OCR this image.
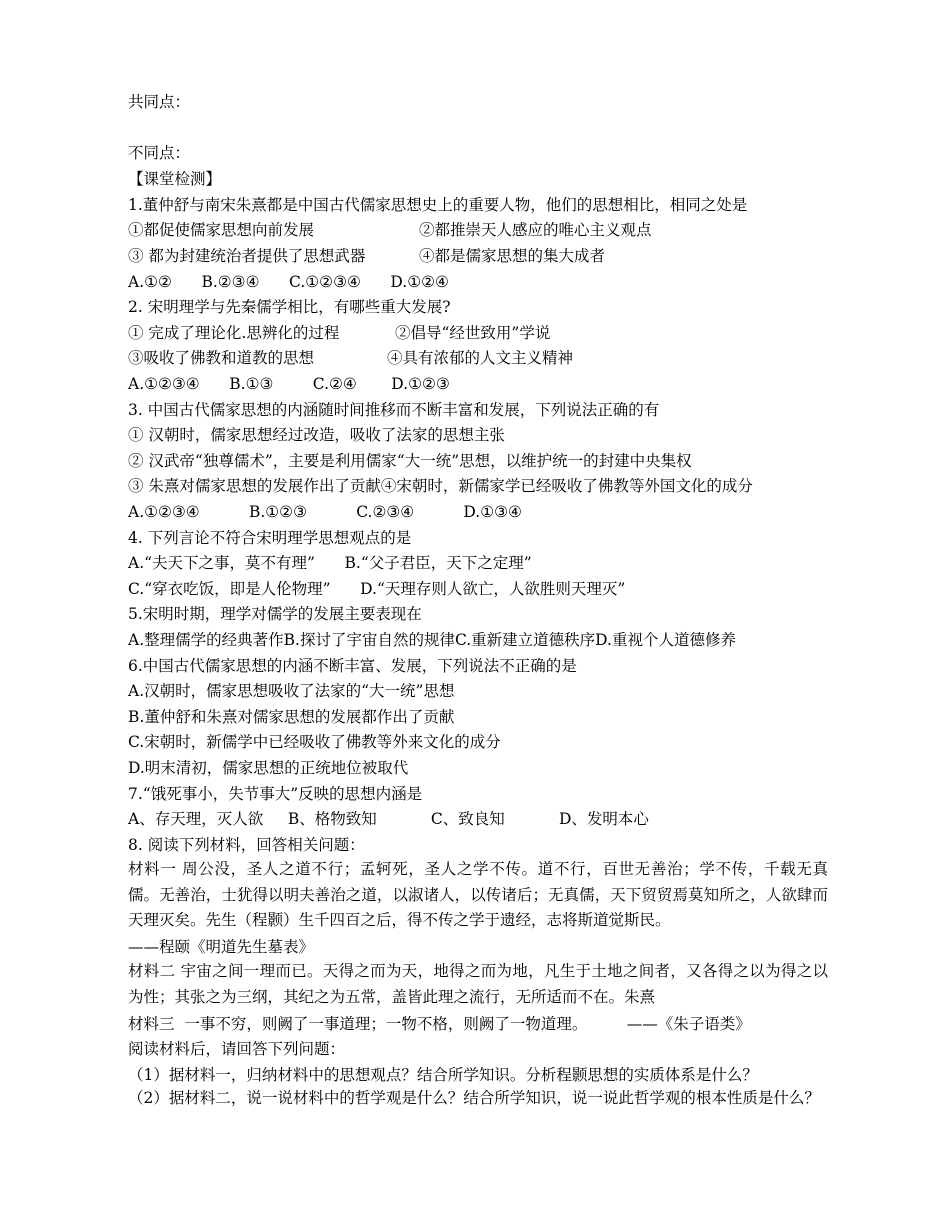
共同点：
不同点：
【课堂检测】
1.董仲舒与南宋朱熹都是中国古代儒家思想史上的重要人物，他们的思想相比，相同之处是
①都促使儒家思想向前发展	②都推崇天人感应的唯心主义观点
③ 都为封建统治者提供了思想武器	④都是儒家思想的集大成者
A.①②      B.②③④      C.①②③④      D.①②④
2. 宋明理学与先秦儒学相比，有哪些重大发展?
① 完成了理论化.思辨化的过程	②倡导“经世致用”学说
③吸收了佛教和道教的思想	④具有浓郁的人文主义精神
A.①②③④      B.①③        C.②④       D.①②③
3. 中国古代儒家思想的内涵随时间推移而不断丰富和发展，下列说法正确的有
① 汉朝时，儒家思想经过改造，吸收了法家的思想主张
② 汉武帝“独尊儒术”，主要是利用儒家“大一统”思想，以维护统一的封建中央集权
③ 朱熹对儒家思想的发展作出了贡献④宋朝时，新儒家学已经吸收了佛教等外国文化的成分
A.①②③④          B.①②③          C.②③④          D.①③④
4. 下列言论不符合宋明理学思想观点的是
A.“夫天下之事，莫不有理”      B.“父子君臣，天下之定理”
C.“穿衣吃饭，即是人伦物理”      D.“天理存则人欲亡，人欲胜则天理灭”
5.宋明时期，理学对儒学的发展主要表现在
A.整理儒学的经典著作B.探讨了宇宙自然的规律C.重新建立道德秩序D.重视个人道德修养
6.中国古代儒家思想的内涵不断丰富、发展，下列说法不正确的是
A.汉朝时，儒家思想吸收了法家的“大一统”思想
B.董仲舒和朱熹对儒家思想的发展都作出了贡献
C.宋朝时，新儒学中已经吸收了佛教等外来文化的成分
D.明末清初，儒家思想的正统地位被取代
7.“饿死事小，失节事大”反映的思想内涵是
A、存天理，灭人欲     B、格物致知           C、致良知           D、发明本心
8. 阅读下列材料，回答相关问题：
材料一 周公没，圣人之道不行；孟轲死，圣人之学不传。道不行，百世无善治；学不传，千载无真儒。无善治，士犹得以明夫善治之道，以淑诸人，以传诸后；无真儒，天下贸贸焉莫知所之，人欲肆而天理灭矣。先生（程颢）生千四百之后，得不传之学于遗经，志将斯道觉斯民。
——程颐《明道先生墓表》
材料二 宇宙之间一理而已。天得之而为天，地得之而为地，凡生于土地之间者，又各得之以为得之以为性；其张之为三纲，其纪之为五常，盖皆此理之流行，无所适而不在。朱熹
材料三  一事不穷，则阙了一事道理；一物不格，则阙了一物道理。        ——《朱子语类》
阅读材料后，请回答下列问题：
（1）据材料一，归纳材料中的思想观点？结合所学知识。分析程颢思想的实质体系是什么？
（2）据材料二，说一说材料中的哲学观是什么？结合所学知识，说一说此哲学观的根本性质是什么？
